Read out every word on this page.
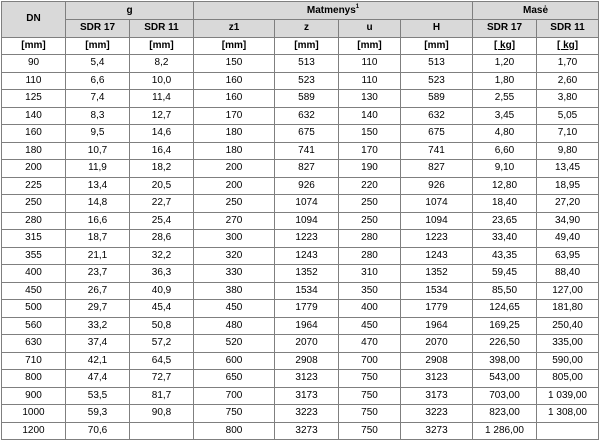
DN	g		Matmenys$^1$				Masė	
	SDR 17	SDR 11	z1	z	u	H	SDR 17	SDR 11
[mm]	[mm]	[mm]	[mm]	[mm]	[mm]	[mm]	[ kg]	[ kg]
90	5,4	8,2	150	513	110	513	1,20	1,70
110	6,6	10,0	160	523	110	523	1,80	2,60
125	7,4	11,4	160	589	130	589	2,55	3,80
140	8,3	12,7	170	632	140	632	3,45	5,05
160	9,5	14,6	180	675	150	675	4,80	7,10
180	10,7	16,4	180	741	170	741	6,60	9,80
200	11,9	18,2	200	827	190	827	9,10	13,45
225	13,4	20,5	200	926	220	926	12,80	18,95
250	14,8	22,7	250	1074	250	1074	18,40	27,20
280	16,6	25,4	270	1094	250	1094	23,65	34,90
315	18,7	28,6	300	1223	280	1223	33,40	49,40
355	21,1	32,2	320	1243	280	1243	43,35	63,95
400	23,7	36,3	330	1352	310	1352	59,45	88,40
450	26,7	40,9	380	1534	350	1534	85,50	127,00
500	29,7	45,4	450	1779	400	1779	124,65	181,80
560	33,2	50,8	480	1964	450	1964	169,25	250,40
630	37,4	57,2	520	2070	470	2070	226,50	335,00
710	42,1	64,5	600	2908	700	2908	398,00	590,00
800	47,4	72,7	650	3123	750	3123	543,00	805,00
900	53,5	81,7	700	3173	750	3173	703,00	1 039,00
1000	59,3	90,8	750	3223	750	3223	823,00	1 308,00
1200	70,6		800	3273	750	3273	1 286,00	
